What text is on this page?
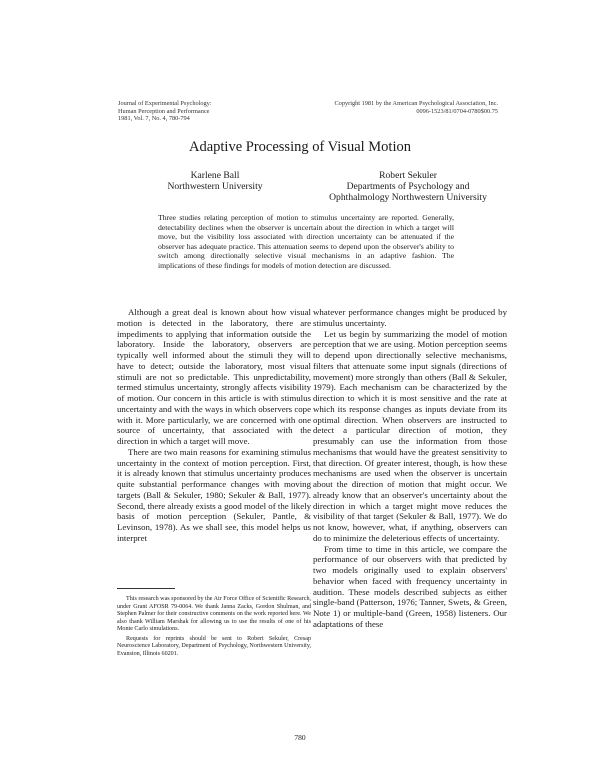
Journal of Experimental Psychology:
Human Perception and Performance
1981, Vol. 7, No. 4, 780-794
Copyright 1981 by the American Psychological Association, Inc.
0096-1523/81/0704-0780$00.75
Adaptive Processing of Visual Motion
Karlene Ball
Northwestern University
Robert Sekuler
Departments of Psychology and Ophthalmology Northwestern University
Three studies relating perception of motion to stimulus uncertainty are reported. Generally, detectability declines when the observer is uncertain about the direction in which a target will move, but the visibility loss associated with direction uncertainty can be attenuated if the observer has adequate practice. This attenuation seems to depend upon the observer's ability to switch among directionally selective visual mechanisms in an adaptive fashion. The implications of these findings for models of motion detection are discussed.

Although a great deal is known about how visual motion is detected in the laboratory, there are impediments to applying that information outside the laboratory. Inside the laboratory, observers are typically well informed about the stimuli they will have to detect; outside the laboratory, most visual stimuli are not so predictable. This unpredictability, termed stimulus uncertainty, strongly affects visibility of motion. Our concern in this article is with stimulus uncertainty and with the ways in which observers cope with it. More particularly, we are concerned with one source of uncertainty, that associated with the direction in which a target will move.

There are two main reasons for examining stimulus uncertainty in the context of motion perception. First, it is already known that stimulus uncertainty produces quite substantial performance changes with moving targets (Ball & Sekuler, 1980; Sekuler & Ball, 1977). Second, there already exists a good model of the likely basis of motion perception (Sekuler, Pantle, & Levinson, 1978). As we shall see, this model helps us interpret

whatever performance changes might be produced by stimulus uncertainty.

Let us begin by summarizing the model of motion perception that we are using. Motion perception seems to depend upon directionally selective mechanisms, filters that attenuate some input signals (directions of movement) more strongly than others (Ball & Sekuler, 1979). Each mechanism can be characterized by the direction to which it is most sensitive and the rate at which its response changes as inputs deviate from its optimal direction. When observers are instructed to detect a particular direction of motion, they presumably can use the information from those mechanisms that would have the greatest sensitivity to that direction. Of greater interest, though, is how these mechanisms are used when the observer is uncertain about the direction of motion that might occur. We already know that an observer's uncertainty about the direction in which a target might move reduces the visibility of that target (Sekuler & Ball, 1977). We do not know, however, what, if anything, observers can do to minimize the deleterious effects of uncertainty.

From time to time in this article, we compare the performance of our observers with that predicted by two models originally used to explain observers' behavior when faced with frequency uncertainty in audition. These models described subjects as either single-band (Patterson, 1976; Tanner, Swets, & Green, Note 1) or multiple-band (Green, 1958) listeners. Our adaptations of these

This research was sponsored by the Air Force Office of Scientific Research, under Grant AFOSR 79-0064. We thank Janna Zacks, Gordon Shulman, and Stephen Palmer for their constructive comments on the work reported here. We also thank William Marshak for allowing us to use the results of one of his Monte Carlo simulations.

Requests for reprints should be sent to Robert Sekuler, Cresap Neuroscience Laboratory, Department of Psychology, Northwestern University, Evanston, Illinois 60201.

780
